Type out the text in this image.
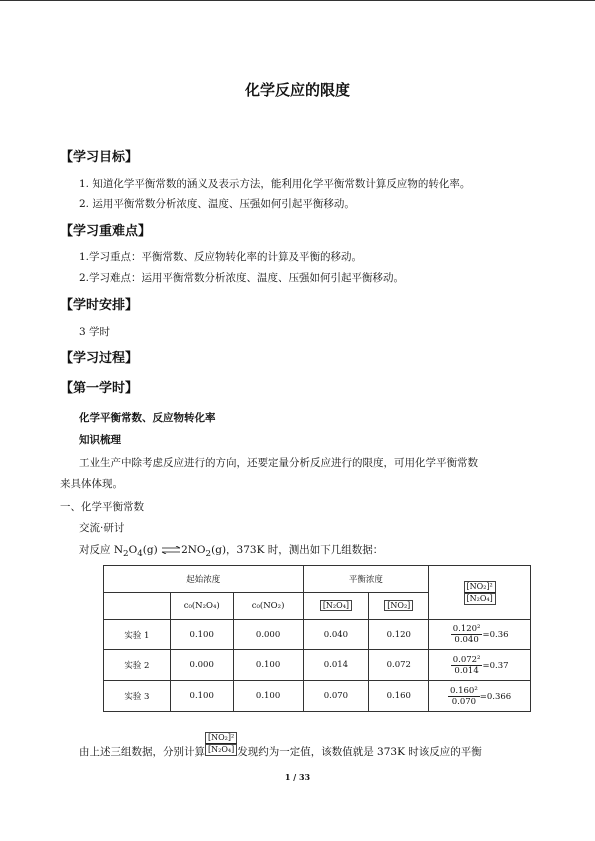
化学反应的限度
【学习目标】
1. 知道化学平衡常数的涵义及表示方法，能利用化学平衡常数计算反应物的转化率。
2. 运用平衡常数分析浓度、温度、压强如何引起平衡移动。
【学习重难点】
1.学习重点：平衡常数、反应物转化率的计算及平衡的移动。
2.学习难点：运用平衡常数分析浓度、温度、压强如何引起平衡移动。
【学时安排】
3 学时
【学习过程】
【第一学时】
化学平衡常数、反应物转化率
知识梳理
工业生产中除考虑反应进行的方向，还要定量分析反应进行的限度，可用化学平衡常数
来具体体现。
一、化学平衡常数
交流·研讨
对反应 $N_2O_4(g)$ $\rightleftharpoons 2NO_2(g)$，373K 时，测出如下几组数据：
起始浓度			平衡浓度		$\frac{\text{[NO₂]²}}{\text{[N₂O₄]}}$

	c₀(N₂O₄)	c₀(NO₂)	[N₂O₄]	[NO₂]	
实验 1	0.100	0.000	0.040	0.120	$\frac{\text{0.120²}}{0.040} =0.36$
实验 2	0.000	0.100	0.014	0.072	$\frac{\text{0.072²}}{0.014} =0.37$
实验 3	0.100	0.100	0.070	0.160	$\frac{\text{0.160²}}{0.070} =0.366$
由上述三组数据，分别计算 $\frac{\text{[NO₂]²}}{\text{[N₂O₄]}}$ 发现约为一定值，该数值就是 373K 时该反应的平衡
1 / 33
